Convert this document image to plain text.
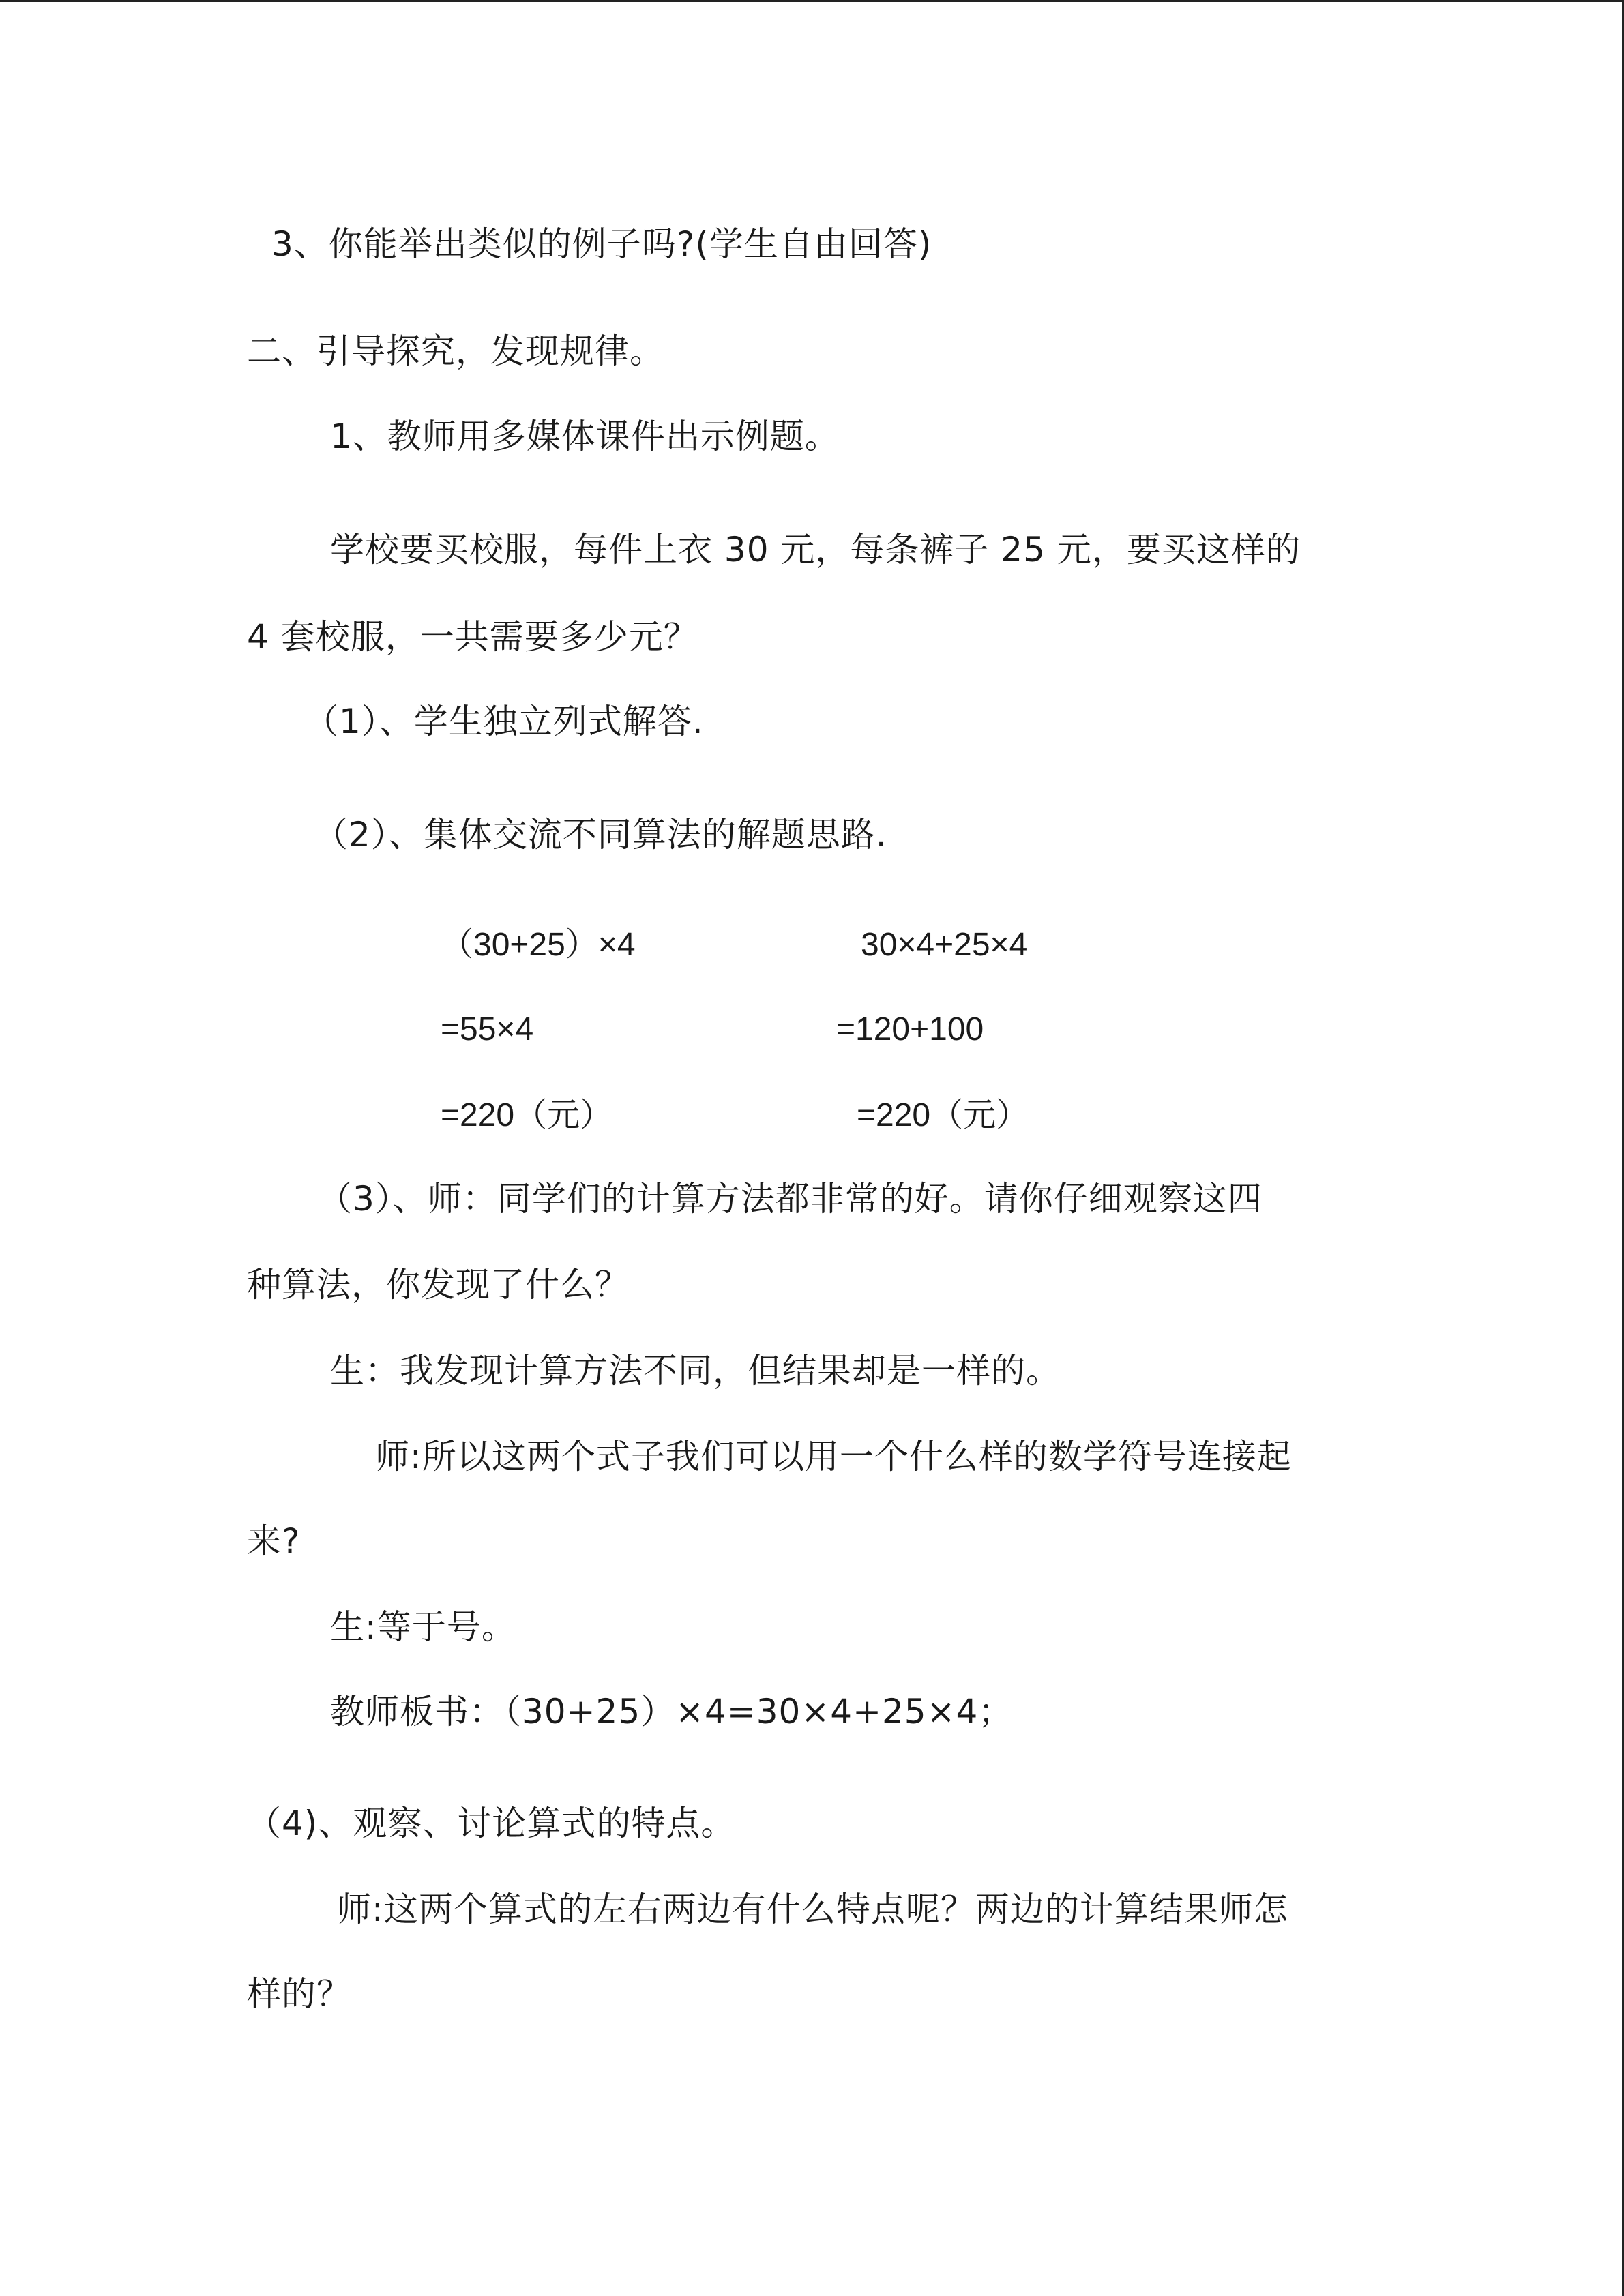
3、你能举出类似的例子吗?(学生自由回答)
二、引导探究，发现规律。
1、教师用多媒体课件出示例题。
学校要买校服，每件上衣 30 元，每条裤子 25 元，要买这样的
4 套校服，一共需要多少元？
（1）、学生独立列式解答.
（2）、集体交流不同算法的解题思路.
（30+25）×4
=55×4
=220（元）
30×4+25×4
=120+100
=220（元）
（3）、师：同学们的计算方法都非常的好。请你仔细观察这四
种算法，你发现了什么？
生：我发现计算方法不同，但结果却是一样的。
师:所以这两个式子我们可以用一个什么样的数学符号连接起
来?
生:等于号。
教师板书：（30+25）×4=30×4+25×4；
（4)、观察、讨论算式的特点。
师:这两个算式的左右两边有什么特点呢？两边的计算结果师怎
样的？
